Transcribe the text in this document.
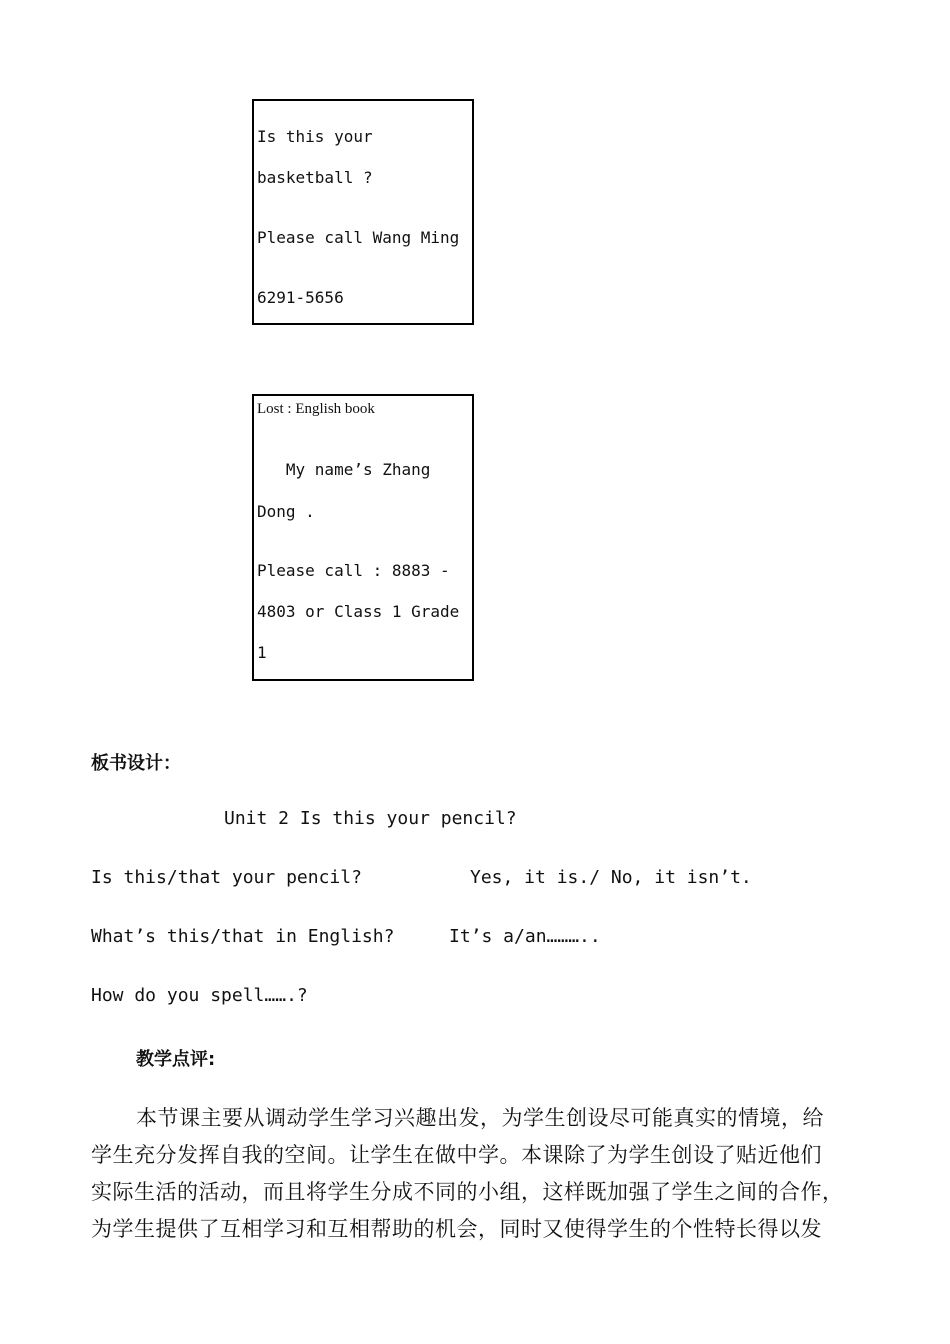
Is this your
basketball ?
Please call Wang Ming
6291-5656
Lost : English book
My name’s Zhang
Dong .
Please call : 8883 -
4803 or Class 1 Grade
1
板书设计：
Unit 2 Is this your pencil?
Is this/that your pencil?	Yes, it is./ No, it isn’t.
What’s this/that in English?	It’s a/an………..
How do you spell…….?
教学点评:
本节课主要从调动学生学习兴趣出发，为学生创设尽可能真实的情境，给
学生充分发挥自我的空间。让学生在做中学。本课除了为学生创设了贴近他们
实际生活的活动，而且将学生分成不同的小组，这样既加强了学生之间的合作，
为学生提供了互相学习和互相帮助的机会，同时又使得学生的个性特长得以发
